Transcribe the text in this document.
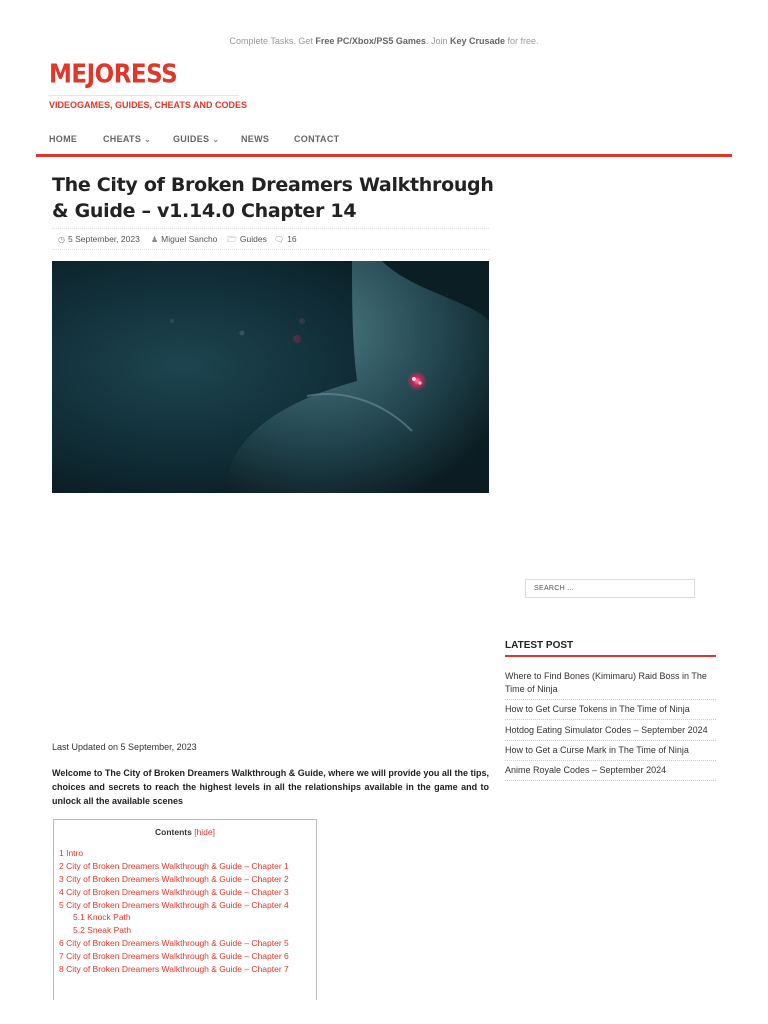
Complete Tasks. Get Free PC/Xbox/PS5 Games. Join Key Crusade for free.
MEJORESS
VIDEOGAMES, GUIDES, CHEATS AND CODES
HOME	CHEATS ⌄ GUIDES ⌄ NEWS	CONTACT
The City of Broken Dreamers Walkthrough & Guide – v1.14.0 Chapter 14
◷ 5 September, 2023 ♟ Miguel Sancho 🗁 Guides 🗨 16
Last Updated on 5 September, 2023
Welcome to The City of Broken Dreamers Walkthrough & Guide, where we will provide you all the tips, choices and secrets to reach the highest levels in all the relationships available in the game and to unlock all the available scenes
Contents [hide]
1 Intro
2 City of Broken Dreamers Walkthrough & Guide – Chapter 1
3 City of Broken Dreamers Walkthrough & Guide – Chapter 2
4 City of Broken Dreamers Walkthrough & Guide – Chapter 3
5 City of Broken Dreamers Walkthrough & Guide – Chapter 4
5.1 Knock Path
5.2 Sneak Path
6 City of Broken Dreamers Walkthrough & Guide – Chapter 5
7 City of Broken Dreamers Walkthrough & Guide – Chapter 6
8 City of Broken Dreamers Walkthrough & Guide – Chapter 7
SEARCH ...
LATEST POST
Where to Find Bones (Kimimaru) Raid Boss in The Time of Ninja
How to Get Curse Tokens in The Time of Ninja
Hotdog Eating Simulator Codes – September 2024
How to Get a Curse Mark in The Time of Ninja
Anime Royale Codes – September 2024
